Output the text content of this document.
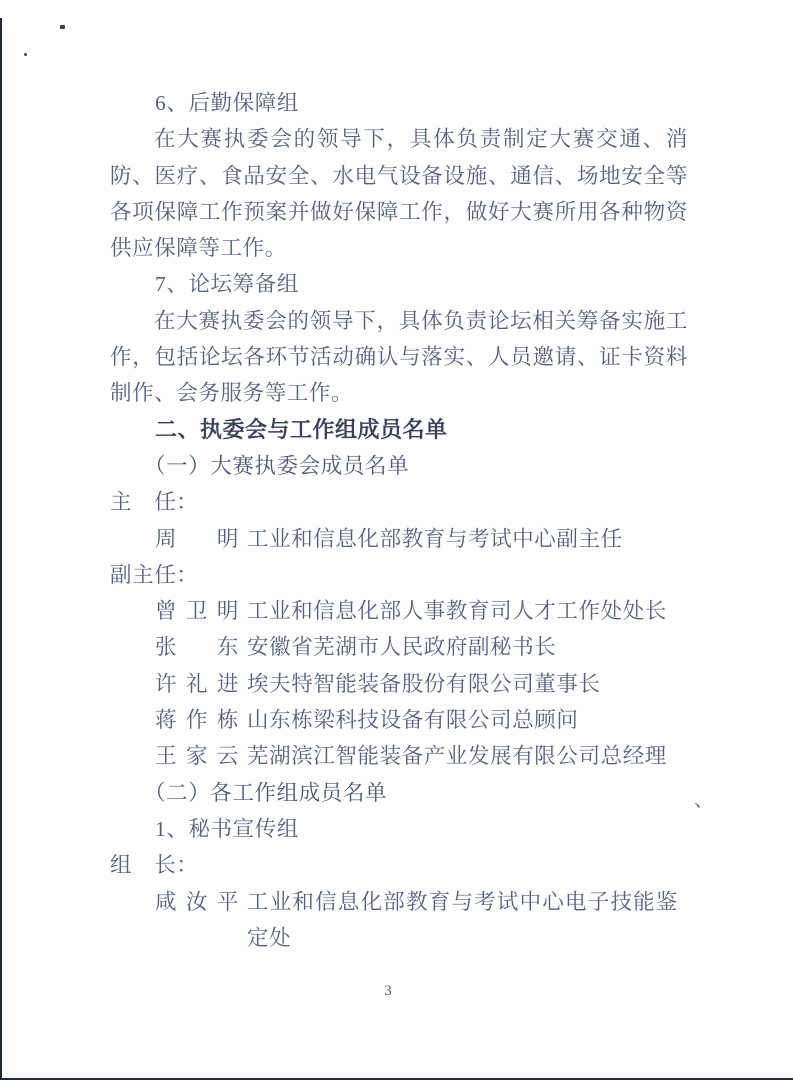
、

6、后勤保障组

在大赛执委会的领导下，具体负责制定大赛交通、消防、医疗、食品安全、水电气设备设施、通信、场地安全等各项保障工作预案并做好保障工作，做好大赛所用各种物资供应保障等工作。

7、论坛筹备组

在大赛执委会的领导下，具体负责论坛相关筹备实施工作，包括论坛各环节活动确认与落实、人员邀请、证卡资料制作、会务服务等工作。

二、执委会与工作组成员名单

（一）大赛执委会成员名单

主　任：

周　明 工业和信息化部教育与考试中心副主任

副主任：

曾卫明 工业和信息化部人事教育司人才工作处处长
张　东 安徽省芜湖市人民政府副秘书长
许礼进 埃夫特智能装备股份有限公司董事长
蒋作栋 山东栋梁科技设备有限公司总顾问
王家云 芜湖滨江智能装备产业发展有限公司总经理

（二）各工作组成员名单

1、秘书宣传组

组　长：

咸汝平 工业和信息化部教育与考试中心电子技能鉴定处
3
